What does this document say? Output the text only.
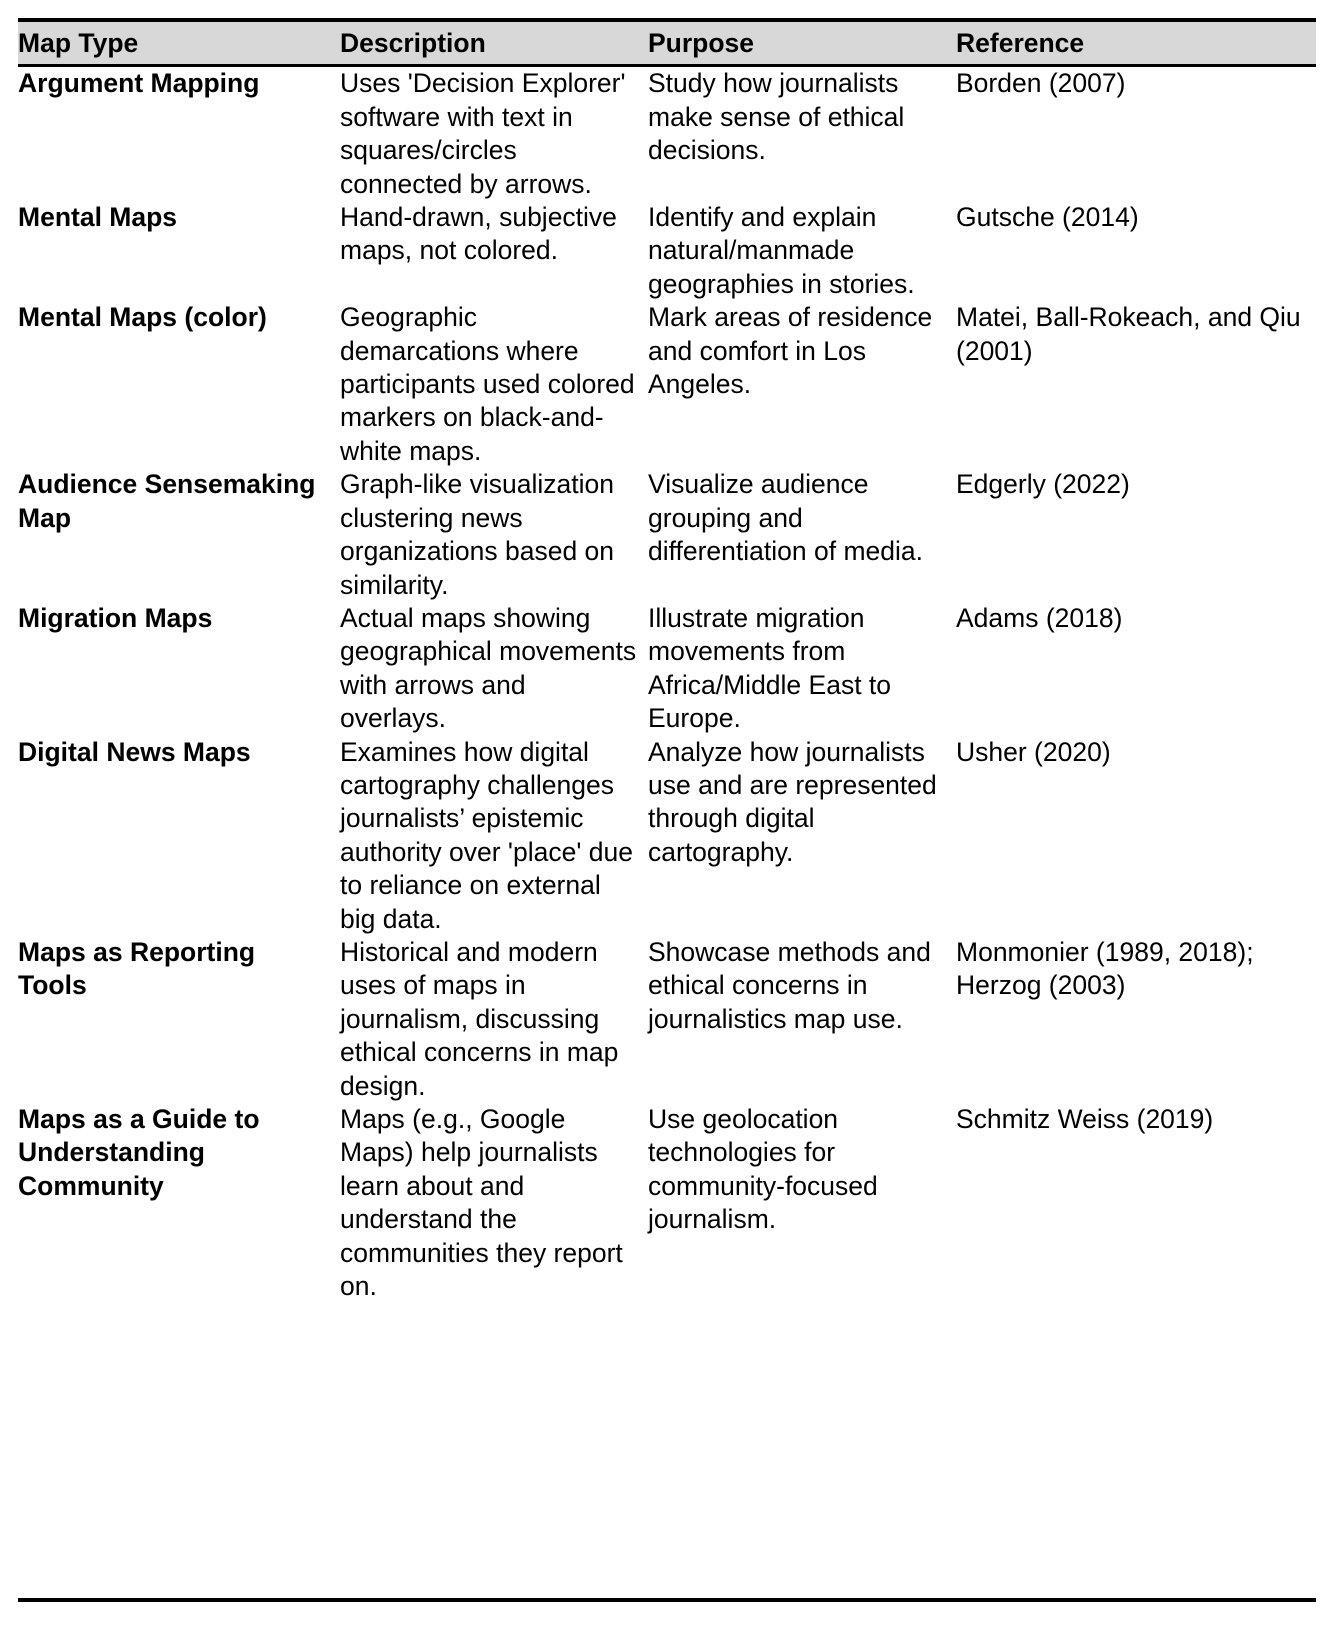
Map Type	Description	Purpose	Reference
Argument Mapping	Uses 'Decision Explorer' software with text in squares/circles connected by arrows.	Study how journalists make sense of ethical decisions.	Borden (2007)
Mental Maps	Hand-drawn, subjective maps, not colored.	Identify and explain natural/manmade geographies in stories.	Gutsche (2014)
Mental Maps (color)	Geographic demarcations where participants used colored markers on black-and-white maps.	Mark areas of residence and comfort in Los Angeles.	Matei, Ball-Rokeach, and Qiu (2001)
Audience Sensemaking Map	Graph-like visualization clustering news organizations based on similarity.	Visualize audience grouping and differentiation of media.	Edgerly (2022)
Migration Maps	Actual maps showing geographical movements with arrows and overlays.	Illustrate migration movements from Africa/Middle East to Europe.	Adams (2018)
Digital News Maps	Examines how digital cartography challenges journalists’ epistemic authority over 'place' due to reliance on external big data.	Analyze how journalists use and are represented through digital cartography.	Usher (2020)
Maps as Reporting Tools	Historical and modern uses of maps in journalism, discussing ethical concerns in map design.	Showcase methods and ethical concerns in journalistics map use.	Monmonier (1989, 2018); Herzog (2003)
Maps as a Guide to Understanding Community	Maps (e.g., Google Maps) help journalists learn about and understand the communities they report on.	Use geolocation technologies for community-focused journalism.	Schmitz Weiss (2019)
